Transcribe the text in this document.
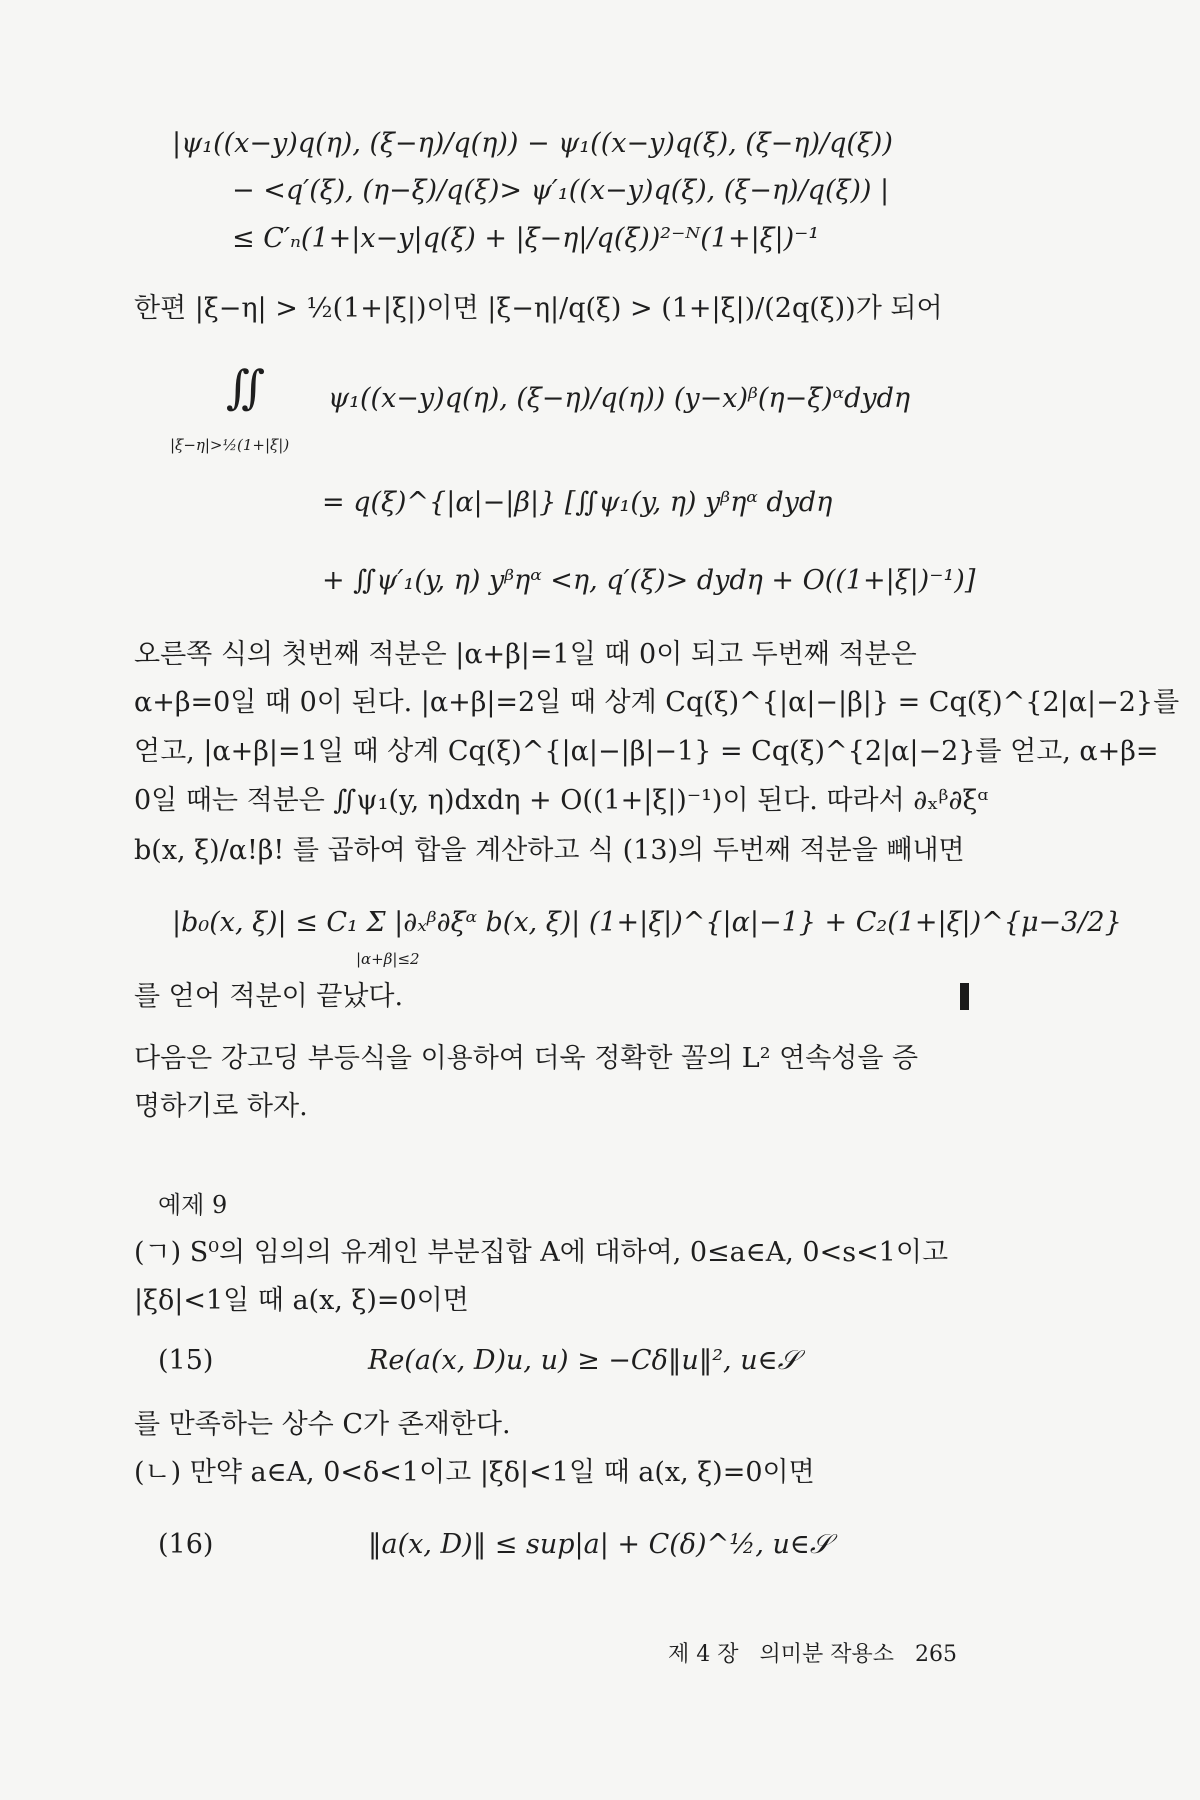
|ψ₁((x−y)q(η), (ξ−η)/q(η)) − ψ₁((x−y)q(ξ), (ξ−η)/q(ξ))
− <q′(ξ), (η−ξ)/q(ξ)> ψ′₁((x−y)q(ξ), (ξ−η)/q(ξ)) |
≤ C′ₙ(1+|x−y|q(ξ) + |ξ−η|/q(ξ))²⁻ᴺ(1+|ξ|)⁻¹
한편 |ξ−η| > ½(1+|ξ|)이면 |ξ−η|/q(ξ) > (1+|ξ|)/(2q(ξ))가 되어
∬ ψ₁((x−y)q(η), (ξ−η)/q(η)) (y−x)ᵝ(η−ξ)ᵅdydη
|ξ−η|>½(1+|ξ|)
= q(ξ)^{|α|−|β|} [∬ψ₁(y, η) yᵝηᵅ dydη
+ ∬ψ′₁(y, η) yᵝηᵅ <η, q′(ξ)> dydη + O((1+|ξ|)⁻¹)]
오른쪽 식의 첫번째 적분은 |α+β|=1일 때 0이 되고 두번째 적분은
α+β=0일 때 0이 된다. |α+β|=2일 때 상계 Cq(ξ)^{|α|−|β|} = Cq(ξ)^{2|α|−2}를
얻고, |α+β|=1일 때 상계 Cq(ξ)^{|α|−|β|−1} = Cq(ξ)^{2|α|−2}를 얻고, α+β=
0일 때는 적분은 ∬ψ₁(y, η)dxdη + O((1+|ξ|)⁻¹)이 된다. 따라서 ∂ₓᵝ∂ξᵅ
b(x, ξ)/α!β! 를 곱하여 합을 계산하고 식 (13)의 두번째 적분을 빼내면
|b₀(x, ξ)| ≤ C₁ Σ |∂ₓᵝ∂ξᵅ b(x, ξ)| (1+|ξ|)^{|α|−1} + C₂(1+|ξ|)^{μ−3/2}
|α+β|≤2
를 얻어 적분이 끝났다.
다음은 강고딩 부등식을 이용하여 더욱 정확한 꼴의 L² 연속성을 증
명하기로 하자.
예제 9
(ㄱ) S⁰의 임의의 유계인 부분집합 A에 대하여, 0≤a∈A, 0<s<1이고
|ξδ|<1일 때 a(x, ξ)=0이면
(15)	Re(a(x, D)u, u) ≥ −Cδ‖u‖², u∈𝒮
를 만족하는 상수 C가 존재한다.
(ㄴ) 만약 a∈A, 0<δ<1이고 |ξδ|<1일 때 a(x, ξ)=0이면
(16)	‖a(x, D)‖ ≤ sup|a| + C(δ)^½, u∈𝒮
제 4 장 의미분 작용소 265
